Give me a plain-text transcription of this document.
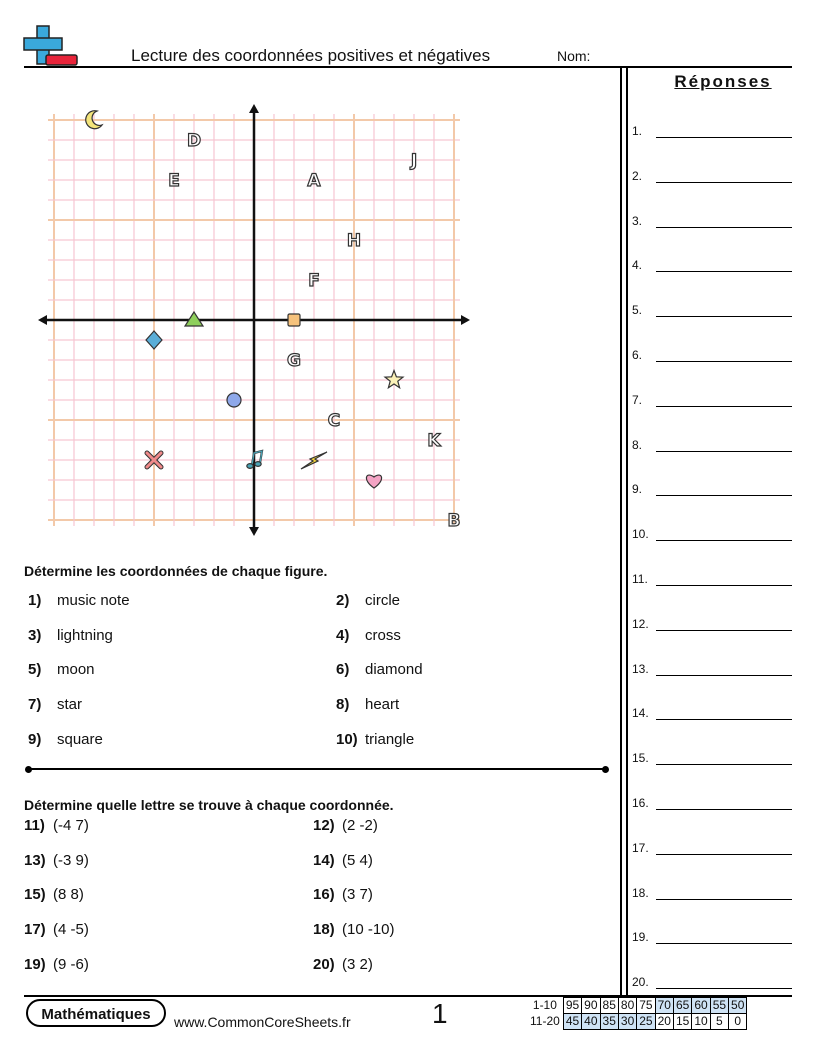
Lecture des coordonnées positives et négatives	Nom:
Réponses
1.
2.
3.
4.
5.
6.
7.
8.
9.
10.
11.
12.
13.
14.
15.
16.
17.
18.
19.
20.
A
B
C
D
E
F
G
H
J
K
Détermine les coordonnées de chaque figure.
1) music note	2) circle
3) lightning	4) cross
5) moon	6) diamond
7) star	8) heart
9) square	10) triangle
Détermine quelle lettre se trouve à chaque coordonnée.
11) (-4 7)	12) (2 -2)
13) (-3 9)	14) (5 4)
15) (8 8)	16) (3 7)
17) (4 -5)	18) (10 -10)
19) (9 -6)	20) (3 2)
Mathématiques	www.CommonCoreSheets.fr	1	1-10	95	90	85	80	75	70	65	60	55	50
11-20	45	40	35	30	25	20	15	10	5	0
